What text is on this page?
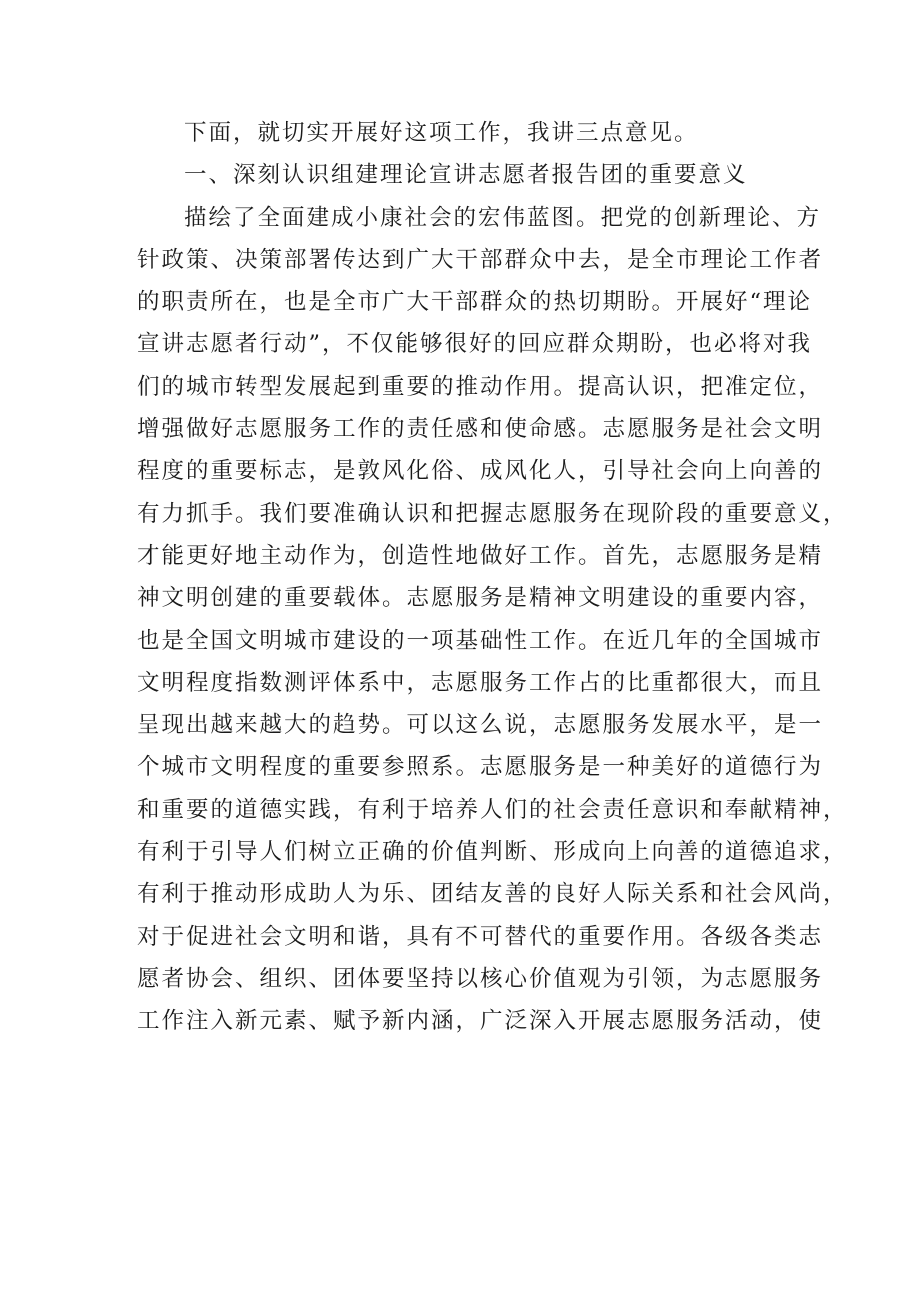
下面，就切实开展好这项工作，我讲三点意见。
一、深刻认识组建理论宣讲志愿者报告团的重要意义
描绘了全面建成小康社会的宏伟蓝图。把党的创新理论、方
针政策、决策部署传达到广大干部群众中去，是全市理论工作者
的职责所在，也是全市广大干部群众的热切期盼。开展好“理论
宣讲志愿者行动”，不仅能够很好的回应群众期盼，也必将对我
们的城市转型发展起到重要的推动作用。提高认识，把准定位，
增强做好志愿服务工作的责任感和使命感。志愿服务是社会文明
程度的重要标志，是敦风化俗、成风化人，引导社会向上向善的
有力抓手。我们要准确认识和把握志愿服务在现阶段的重要意义，
才能更好地主动作为，创造性地做好工作。首先，志愿服务是精
神文明创建的重要载体。志愿服务是精神文明建设的重要内容，
也是全国文明城市建设的一项基础性工作。在近几年的全国城市
文明程度指数测评体系中，志愿服务工作占的比重都很大，而且
呈现出越来越大的趋势。可以这么说，志愿服务发展水平，是一
个城市文明程度的重要参照系。志愿服务是一种美好的道德行为
和重要的道德实践，有利于培养人们的社会责任意识和奉献精神，
有利于引导人们树立正确的价值判断、形成向上向善的道德追求，
有利于推动形成助人为乐、团结友善的良好人际关系和社会风尚，
对于促进社会文明和谐，具有不可替代的重要作用。各级各类志
愿者协会、组织、团体要坚持以核心价值观为引领，为志愿服务
工作注入新元素、赋予新内涵，广泛深入开展志愿服务活动，使
